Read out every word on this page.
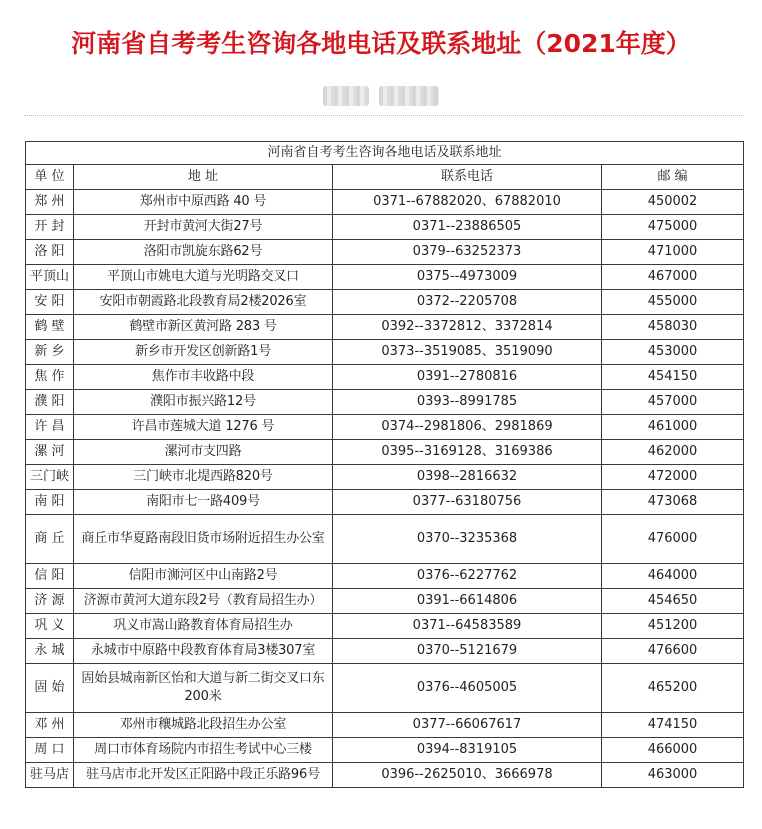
河南省自考考生咨询各地电话及联系地址（2021年度）
河南省自考考生咨询各地电话及联系地址			
单 位	地 址	联系电话	邮 编
郑 州	郑州市中原西路 40 号	0371--67882020、67882010	450002
开 封	开封市黄河大街27号	0371--23886505	475000
洛 阳	洛阳市凯旋东路62号	0379--63252373	471000
平顶山	平顶山市姚电大道与光明路交叉口	0375--4973009	467000
安 阳	安阳市朝霞路北段教育局2楼2026室	0372--2205708	455000
鹤 壁	鹤壁市新区黄河路 283 号	0392--3372812、3372814	458030
新 乡	新乡市开发区创新路1号	0373--3519085、3519090	453000
焦 作	焦作市丰收路中段	0391--2780816	454150
濮 阳	濮阳市振兴路12号	0393--8991785	457000
许 昌	许昌市莲城大道 1276 号	0374--2981806、2981869	461000
漯 河	漯河市支四路	0395--3169128、3169386	462000
三门峡	三门峡市北堤西路820号	0398--2816632	472000
南 阳	南阳市七一路409号	0377--63180756	473068
商 丘	商丘市华夏路南段旧货市场附近招生办公室	0370--3235368	476000
信 阳	信阳市浉河区中山南路2号	0376--6227762	464000
济 源	济源市黄河大道东段2号（教育局招生办）	0391--6614806	454650
巩 义	巩义市嵩山路教育体育局招生办	0371--64583589	451200
永 城	永城市中原路中段教育体育局3楼307室	0370--5121679	476600
固 始	固始县城南新区怡和大道与新二街交叉口东200米	0376--4605005	465200
邓 州	邓州市穰城路北段招生办公室	0377--66067617	474150
周 口	周口市体育场院内市招生考试中心三楼	0394--8319105	466000
驻马店	驻马店市北开发区正阳路中段正乐路96号	0396--2625010、3666978	463000
